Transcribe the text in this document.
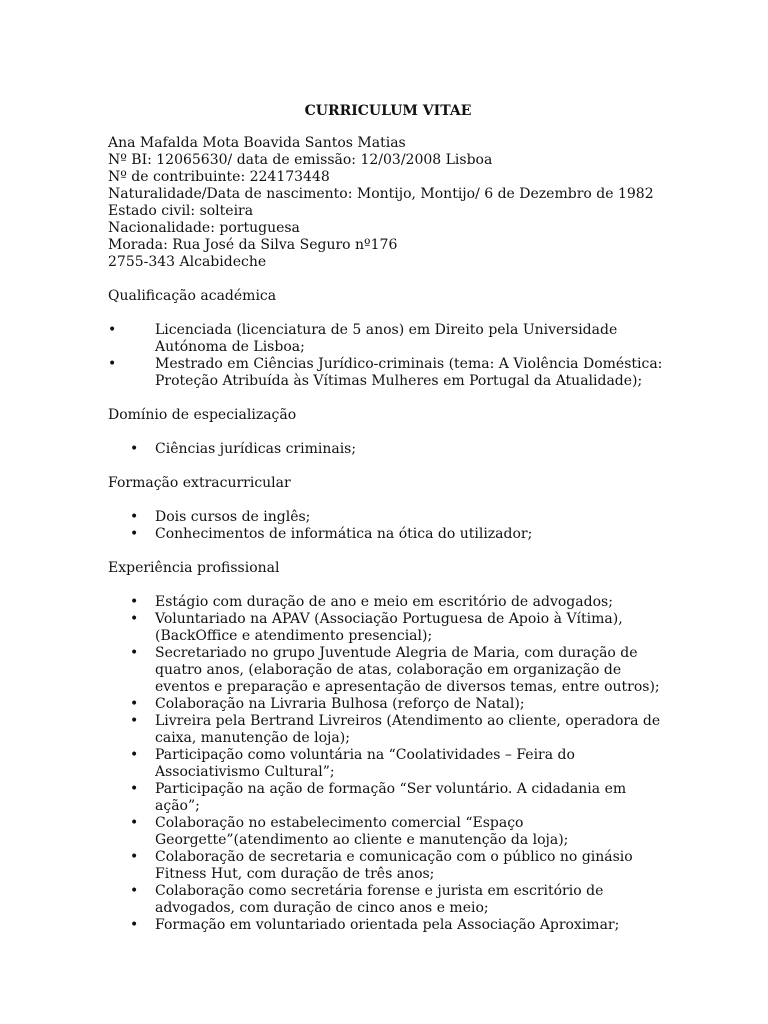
CURRICULUM VITAE

Ana Mafalda Mota Boavida Santos Matias

Nº BI: 12065630/ data de emissão: 12/03/2008 Lisboa

Nº de contribuinte: 224173448

Naturalidade/Data de nascimento: Montijo, Montijo/ 6 de Dezembro de 1982

Estado civil: solteira

Nacionalidade: portuguesa

Morada: Rua José da Silva Seguro nº176

2755-343 Alcabideche

Qualificação académica

• Licenciada (licenciatura de 5 anos) em Direito pela Universidade Autónoma de Lisboa;
• Mestrado em Ciências Jurídico-criminais (tema: A Violência Doméstica: Proteção Atribuída às Vítimas Mulheres em Portugal da Atualidade);

Domínio de especialização

• Ciências jurídicas criminais;

Formação extracurricular

• Dois cursos de inglês;
• Conhecimentos de informática na ótica do utilizador;

Experiência profissional

• Estágio com duração de ano e meio em escritório de advogados;
• Voluntariado na APAV (Associação Portuguesa de Apoio à Vítima), (BackOffice e atendimento presencial);
• Secretariado no grupo Juventude Alegria de Maria, com duração de quatro anos, (elaboração de atas, colaboração em organização de eventos e preparação e apresentação de diversos temas, entre outros);
• Colaboração na Livraria Bulhosa (reforço de Natal);
• Livreira pela Bertrand Livreiros (Atendimento ao cliente, operadora de caixa, manutenção de loja);
• Participação como voluntária na “Coolatividades – Feira do Associativismo Cultural”;
• Participação na ação de formação “Ser voluntário. A cidadania em ação”;
• Colaboração no estabelecimento comercial “Espaço Georgette”(atendimento ao cliente e manutenção da loja);
• Colaboração de secretaria e comunicação com o público no ginásio Fitness Hut, com duração de três anos;
• Colaboração como secretária forense e jurista em escritório de advogados, com duração de cinco anos e meio;
• Formação em voluntariado orientada pela Associação Aproximar;
